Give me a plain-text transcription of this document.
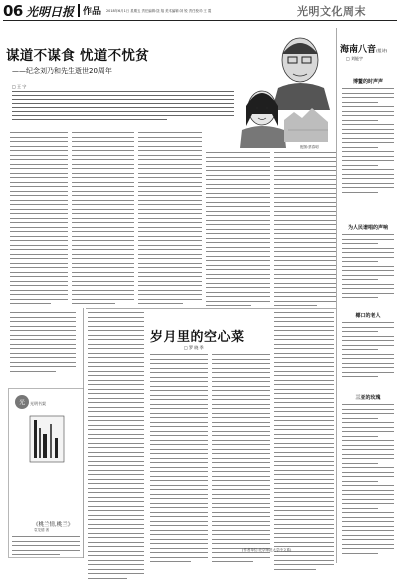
06 光明日报 作品 2018年6月1日 星期五 责任编辑:饶 翔 美术编辑:刘 锐 责任校对:王 震	光明文化周末
谋道不谋食 忧道不忧贫
——纪念刘乃和先生逝世20周年
□ 王 宁
配图:蔡春明
海南八音(组诗)
□ 刘能宇
博鳌的时声声
为人民谱唱的声响
椰口的老人
三亚的玫瑰
光 光明书架
《桃兰情,桃兰》
袁龙德 著
岁月里的空心菜
□ 罗 晓 季
(作者单位:北京师范大学中文系)
